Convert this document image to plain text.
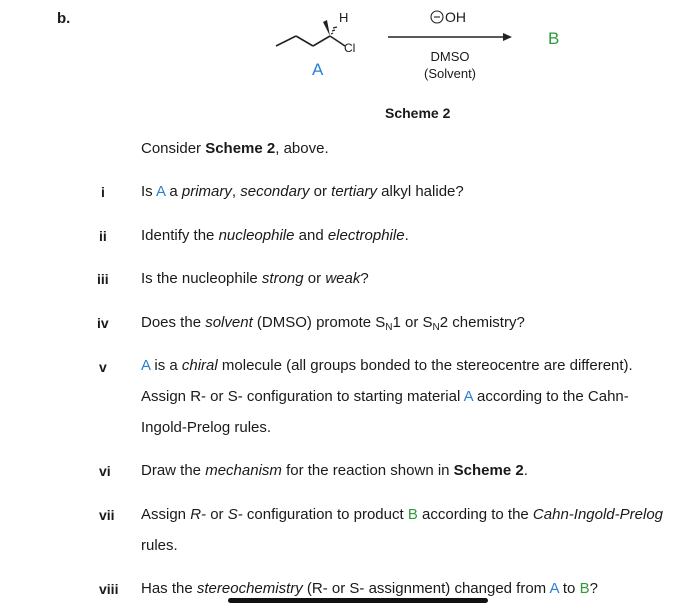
b.	H
Cl
A
OH
DMSO
(Solvent)
B
Scheme 2
Consider Scheme 2, above.
i Is A a primary, secondary or tertiary alkyl halide?
ii Identify the nucleophile and electrophile.
iii Is the nucleophile strong or weak?
iv Does the solvent (DMSO) promote $S_N1$ or $S_N2$ chemistry?
v A is a chiral molecule (all groups bonded to the stereocentre are different).
Assign R- or S- configuration to starting material A according to the Cahn-
Ingold-Prelog rules.
vi Draw the mechanism for the reaction shown in Scheme 2.
vii Assign R- or S- configuration to product B according to the Cahn-Ingold-Prelog
rules.
viii Has the stereochemistry (R- or S- assignment) changed from A to B?
